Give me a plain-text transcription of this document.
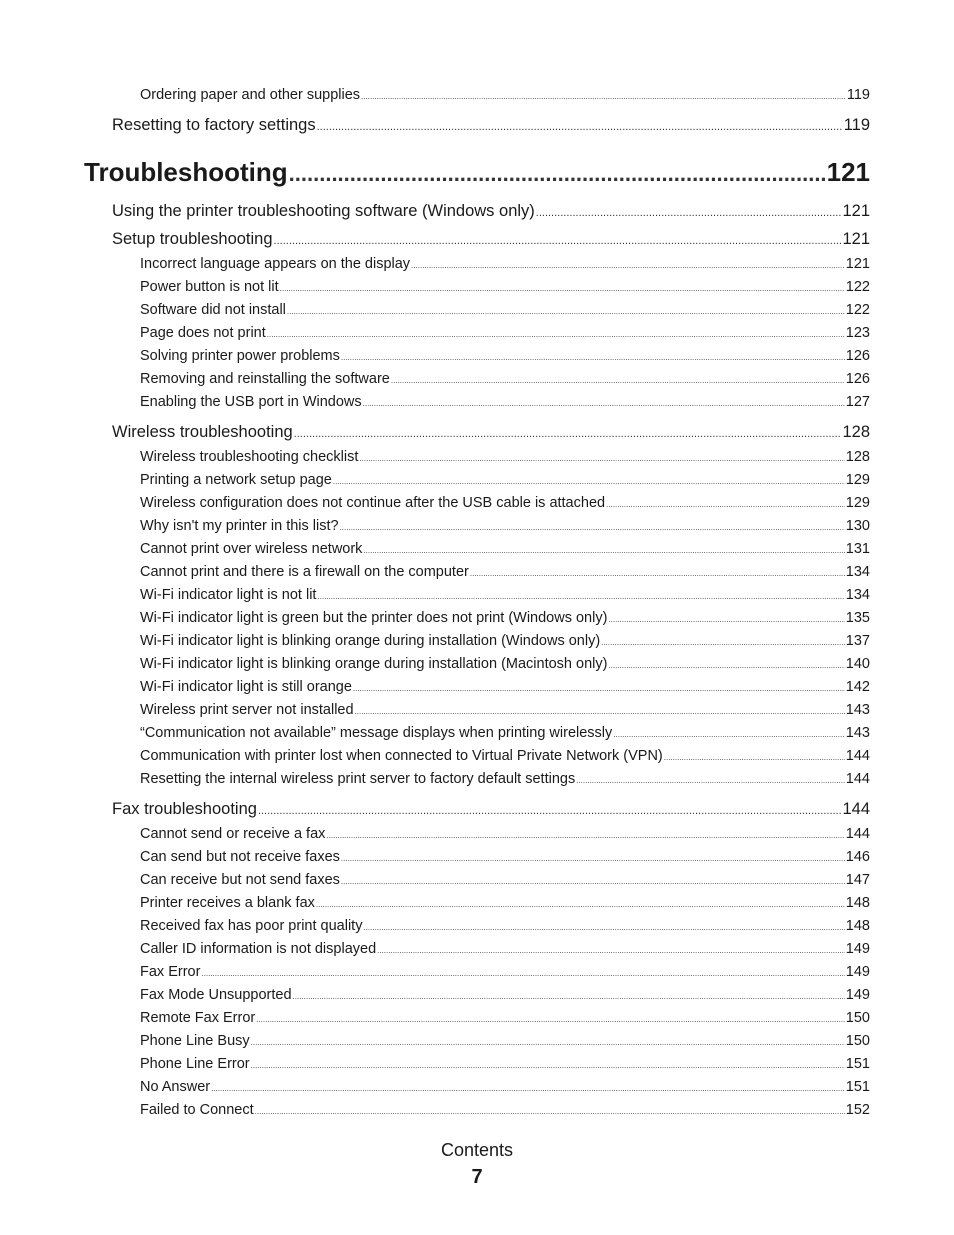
Ordering paper and other supplies .....	119
Resetting to factory settings .....	119
Troubleshooting .....	121
Using the printer troubleshooting software (Windows only) .....	121
Setup troubleshooting .....	121
Incorrect language appears on the display .....	121
Power button is not lit .....	122
Software did not install .....	122
Page does not print .....	123
Solving printer power problems .....	126
Removing and reinstalling the software .....	126
Enabling the USB port in Windows .....	127
Wireless troubleshooting .....	128
Wireless troubleshooting checklist .....	128
Printing a network setup page .....	129
Wireless configuration does not continue after the USB cable is attached .....	129
Why isn't my printer in this list? .....	130
Cannot print over wireless network .....	131
Cannot print and there is a firewall on the computer .....	134
Wi-Fi indicator light is not lit .....	134
Wi-Fi indicator light is green but the printer does not print (Windows only) .....	135
Wi-Fi indicator light is blinking orange during installation (Windows only) .....	137
Wi-Fi indicator light is blinking orange during installation (Macintosh only) .....	140
Wi-Fi indicator light is still orange .....	142
Wireless print server not installed .....	143
“Communication not available” message displays when printing wirelessly .....	143
Communication with printer lost when connected to Virtual Private Network (VPN) .....	144
Resetting the internal wireless print server to factory default settings .....	144
Fax troubleshooting .....	144
Cannot send or receive a fax .....	144
Can send but not receive faxes .....	146
Can receive but not send faxes .....	147
Printer receives a blank fax .....	148
Received fax has poor print quality .....	148
Caller ID information is not displayed .....	149
Fax Error .....	149
Fax Mode Unsupported .....	149
Remote Fax Error .....	150
Phone Line Busy .....	150
Phone Line Error .....	151
No Answer .....	151
Failed to Connect .....	152
Contents
7
